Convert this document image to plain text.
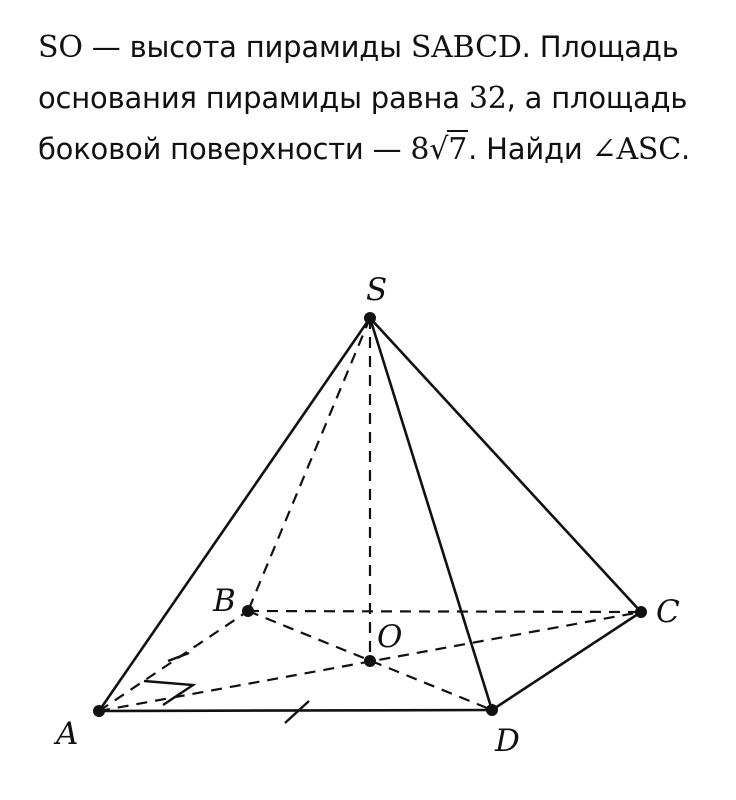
SO — высота пирамиды SABCD. Площадь
основания пирамиды равна 32, а площадь
боковой поверхности — 8√7. Найди ∠ASC.
S
A
B	C
D
O
